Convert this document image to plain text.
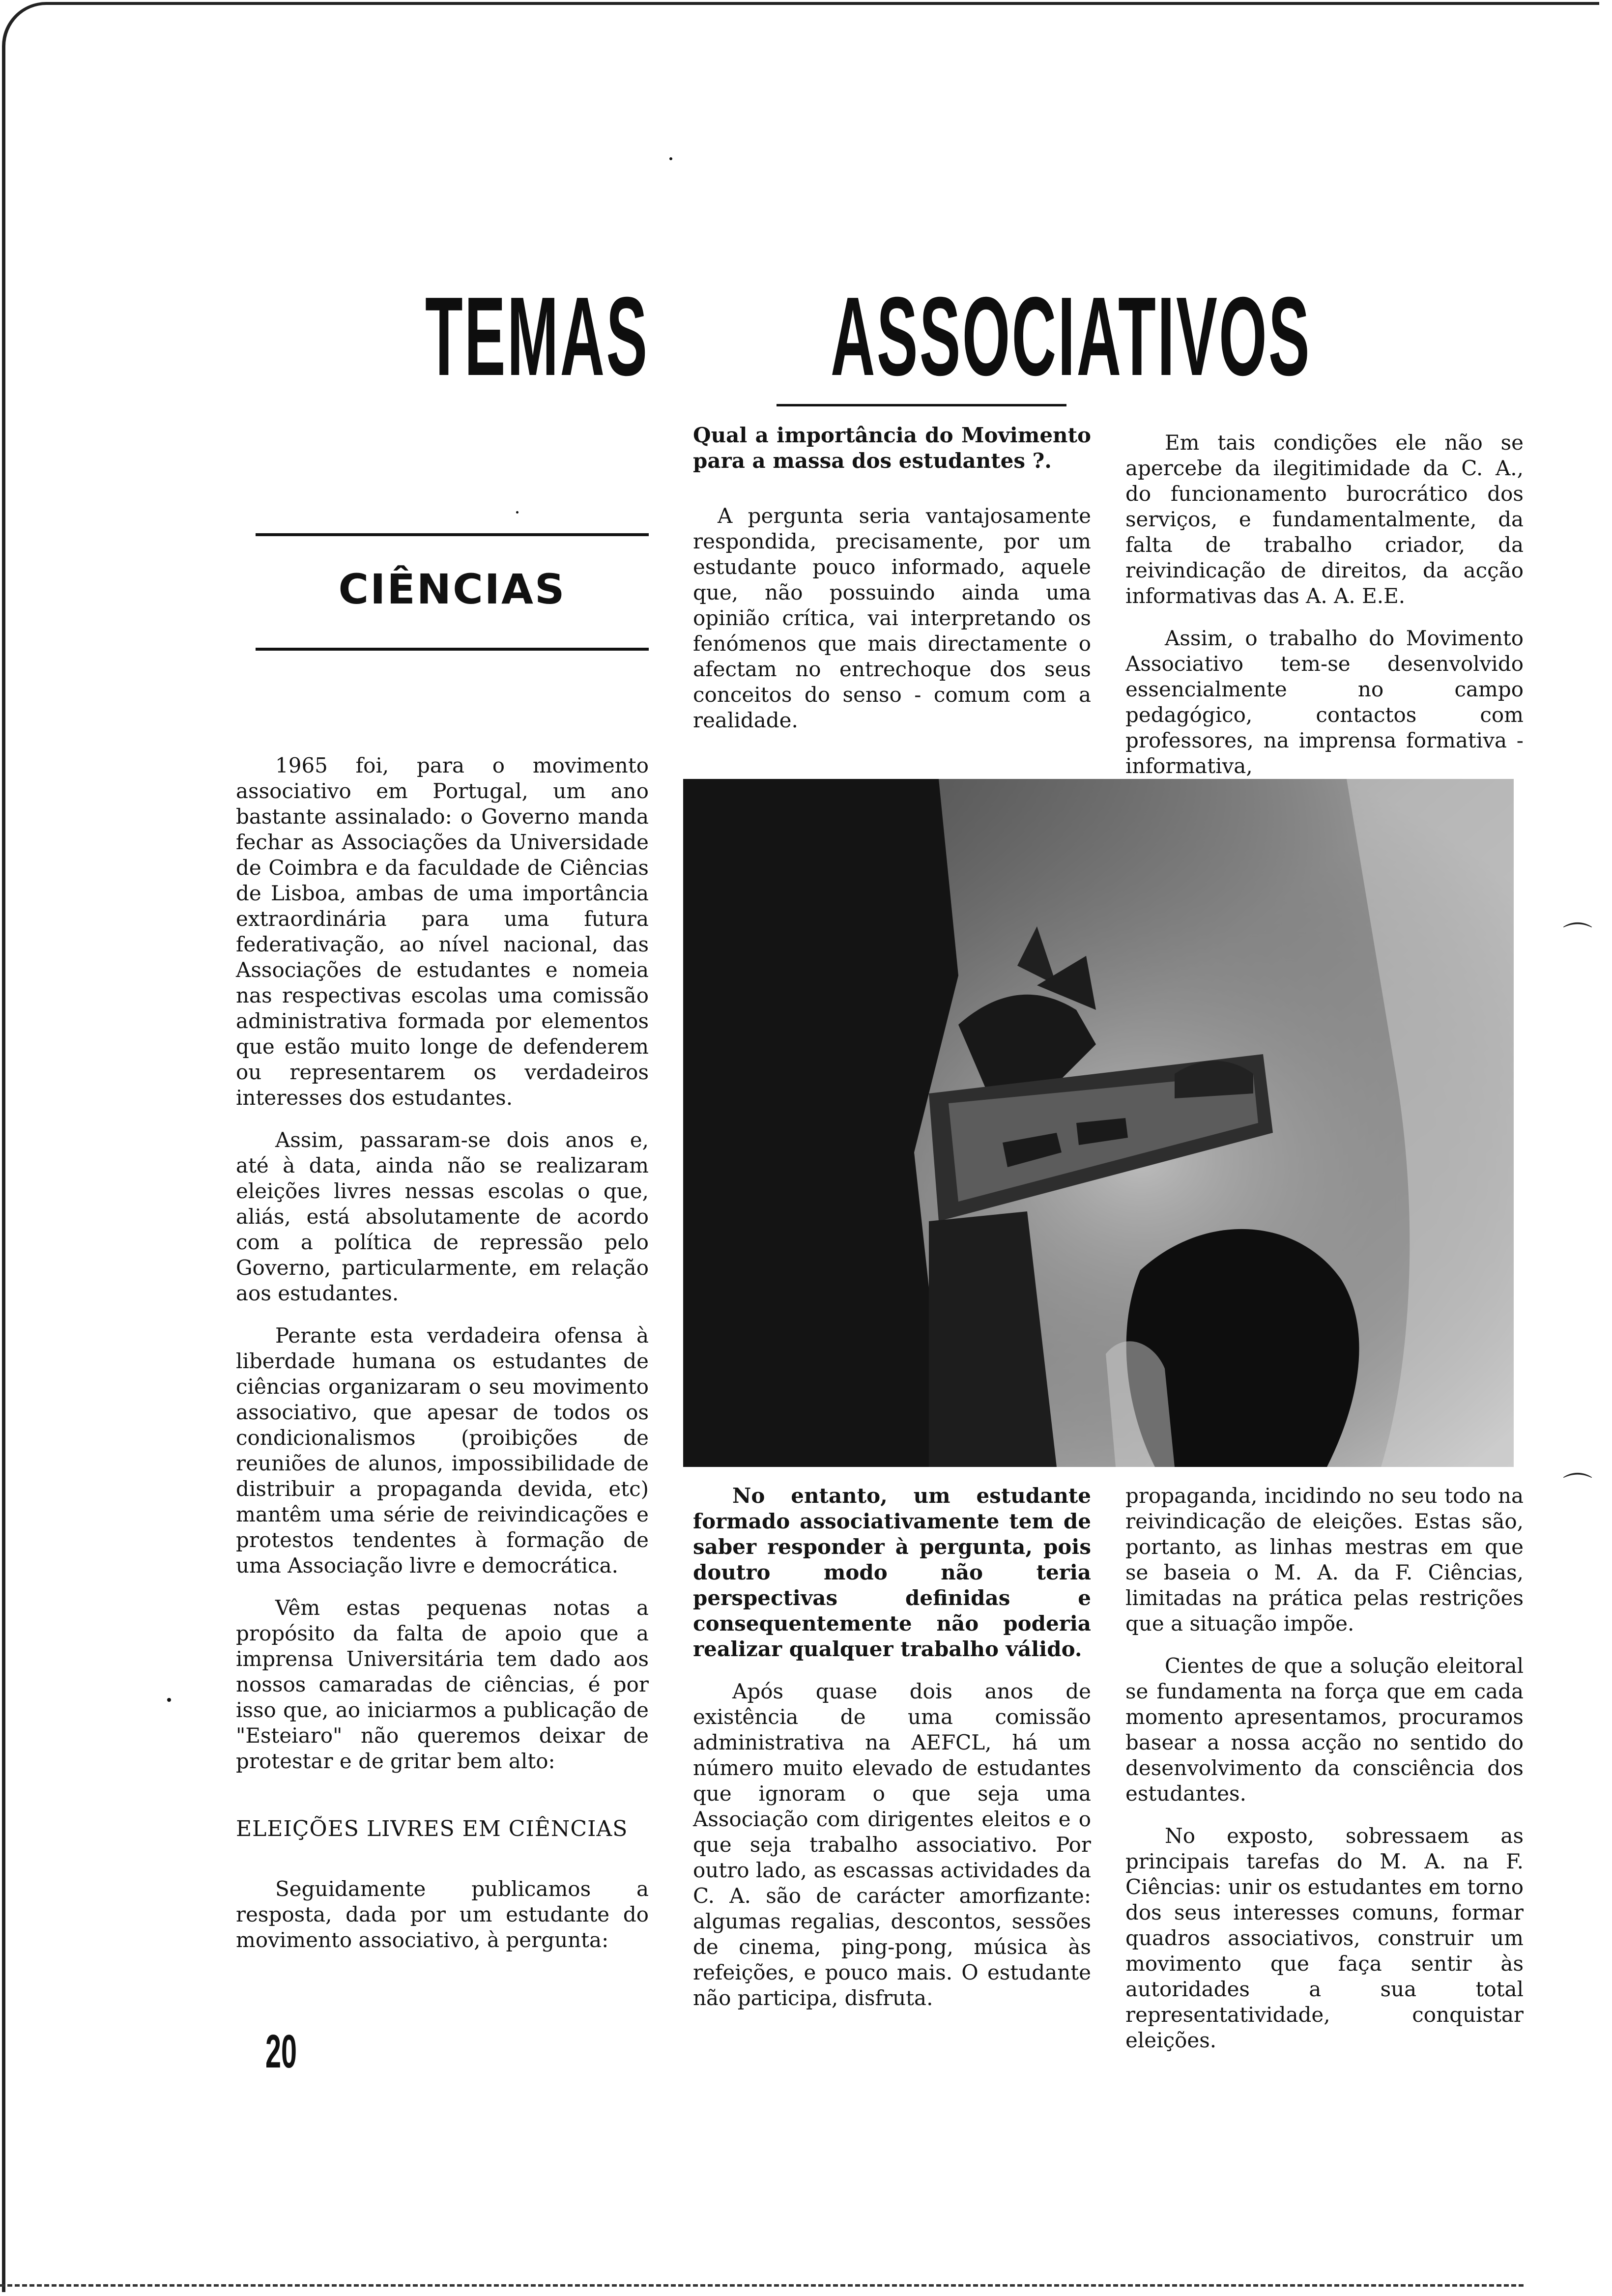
TEMAS ASSOCIATIVOS
CIÊNCIAS

1965 foi, para o movimento associativo em Portugal, um ano bastante assinalado: o Governo manda fechar as Associações da Universidade de Coimbra e da faculdade de Ciências de Lisboa, ambas de uma importância extraordinária para uma futura federativação, ao nível nacional, das Associações de estudantes e nomeia nas respectivas escolas uma comissão administrativa formada por elementos que estão muito longe de defenderem ou representarem os verdadeiros interesses dos estudantes.

Assim, passaram-se dois anos e, até à data, ainda não se realizaram eleições livres nessas escolas o que, aliás, está absolutamente de acordo com a política de repressão pelo Governo, particularmente, em relação aos estudantes.

Perante esta verdadeira ofensa à liberdade humana os estudantes de ciências organizaram o seu movimento associativo, que apesar de todos os condicionalismos (proibições de reuniões de alunos, impossibilidade de distribuir a propaganda devida, etc) mantêm uma série de reivindicações e protestos tendentes à formação de uma Associação livre e democrática.

Vêm estas pequenas notas a propósito da falta de apoio que a imprensa Universitária tem dado aos nossos camaradas de ciências, é por isso que, ao iniciarmos a publicação de "Esteiaro" não queremos deixar de protestar e de gritar bem alto:

ELEIÇÕES LIVRES EM CIÊNCIAS

Seguidamente publicamos a resposta, dada por um estudante do movimento associativo, à pergunta:

20

Qual a importância do Movimento para a massa dos estudantes ?.

A pergunta seria vantajosamente respondida, precisamente, por um estudante pouco informado, aquele que, não possuindo ainda uma opinião crítica, vai interpretando os fenómenos que mais directamente o afectam no entrechoque dos seus conceitos do senso - comum com a realidade.

Em tais condições ele não se apercebe da ilegitimidade da C. A., do funcionamento burocrático dos serviços, e fundamentalmente, da falta de trabalho criador, da reivindicação de direitos, da acção informativas das A. A. E.E.

Assim, o trabalho do Movimento Associativo tem-se desenvolvido essencialmente no campo pedagógico, contactos com professores, na imprensa formativa - informativa,

No entanto, um estudante formado associativamente tem de saber responder à pergunta, pois doutro modo não teria perspectivas definidas e consequentemente não poderia realizar qualquer trabalho válido.

Após quase dois anos de existência de uma comissão administrativa na AEFCL, há um número muito elevado de estudantes que ignoram o que seja uma Associação com dirigentes eleitos e o que seja trabalho associativo. Por outro lado, as escassas actividades da C. A. são de carácter amorfizante: algumas regalias, descontos, sessões de cinema, ping-pong, música às refeições, e pouco mais. O estudante não participa, disfruta.

propaganda, incidindo no seu todo na reivindicação de eleições. Estas são, portanto, as linhas mestras em que se baseia o M. A. da F. Ciências, limitadas na prática pelas restrições que a situação impõe.

Cientes de que a solução eleitoral se fundamenta na força que em cada momento apresentamos, procuramos basear a nossa acção no sentido do desenvolvimento da consciência dos estudantes.

No exposto, sobressaem as principais tarefas do M. A. na F. Ciências: unir os estudantes em torno dos seus interesses comuns, formar quadros associativos, construir um movimento que faça sentir às autoridades a sua total representatividade, conquistar eleições.

⌒
⌒
